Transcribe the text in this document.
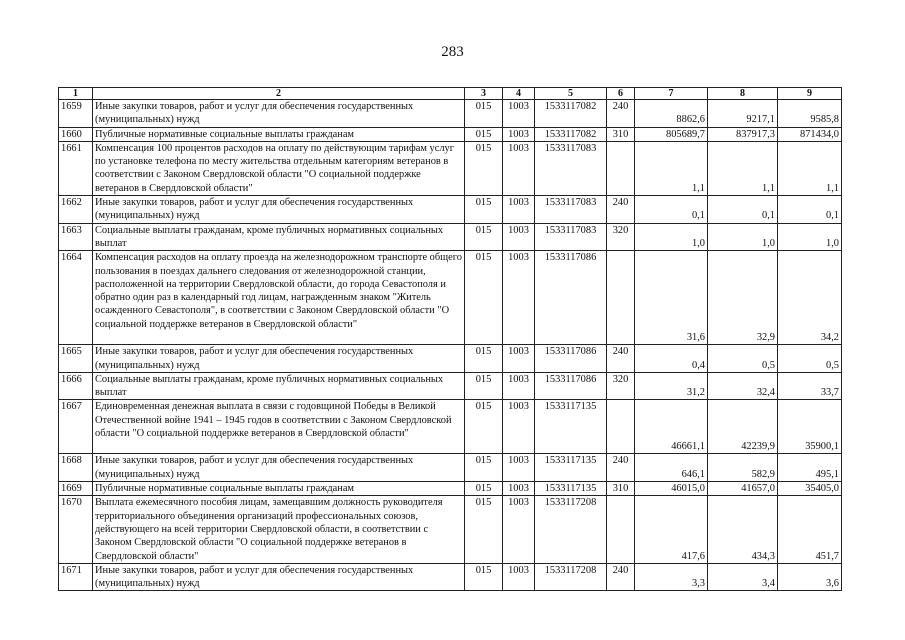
283
1	2	3	4	5	6	7	8	9
1659	Иные закупки товаров, работ и услуг для обеспечения государственных (муниципальных) нужд	015	1003	1533117082	240	8862,6	9217,1	9585,8
1660	Публичные нормативные социальные выплаты гражданам	015	1003	1533117082	310	805689,7	837917,3	871434,0
1661	Компенсация 100 процентов расходов на оплату по действующим тарифам услуг по установке телефона по месту жительства отдельным категориям ветеранов в соответствии с Законом Свердловской области "О социальной поддержке ветеранов в Свердловской области"	015	1003	1533117083		1,1	1,1	1,1
1662	Иные закупки товаров, работ и услуг для обеспечения государственных (муниципальных) нужд	015	1003	1533117083	240	0,1	0,1	0,1
1663	Социальные выплаты гражданам, кроме публичных нормативных социальных выплат	015	1003	1533117083	320	1,0	1,0	1,0
1664	Компенсация расходов на оплату проезда на железнодорожном транспорте общего пользования в поездах дальнего следования от железнодорожной станции, расположенной на территории Свердловской области, до города Севастополя и обратно один раз в календарный год лицам, награжденным знаком "Житель осажденного Севастополя", в соответствии с Законом Свердловской области "О социальной поддержке ветеранов в Свердловской области"	015	1003	1533117086		31,6	32,9	34,2
1665	Иные закупки товаров, работ и услуг для обеспечения государственных (муниципальных) нужд	015	1003	1533117086	240	0,4	0,5	0,5
1666	Социальные выплаты гражданам, кроме публичных нормативных социальных выплат	015	1003	1533117086	320	31,2	32,4	33,7
1667	Единовременная денежная выплата в связи с годовщиной Победы в Великой Отечественной войне 1941 – 1945 годов в соответствии с Законом Свердловской области "О социальной поддержке ветеранов в Свердловской области"	015	1003	1533117135		46661,1	42239,9	35900,1
1668	Иные закупки товаров, работ и услуг для обеспечения государственных (муниципальных) нужд	015	1003	1533117135	240	646,1	582,9	495,1
1669	Публичные нормативные социальные выплаты гражданам	015	1003	1533117135	310	46015,0	41657,0	35405,0
1670	Выплата ежемесячного пособия лицам, замещавшим должность руководителя территориального объединения организаций профессиональных союзов, действующего на всей территории Свердловской области, в соответствии с Законом Свердловской области "О социальной поддержке ветеранов в Свердловской области"	015	1003	1533117208		417,6	434,3	451,7
1671	Иные закупки товаров, работ и услуг для обеспечения государственных (муниципальных) нужд	015	1003	1533117208	240	3,3	3,4	3,6
